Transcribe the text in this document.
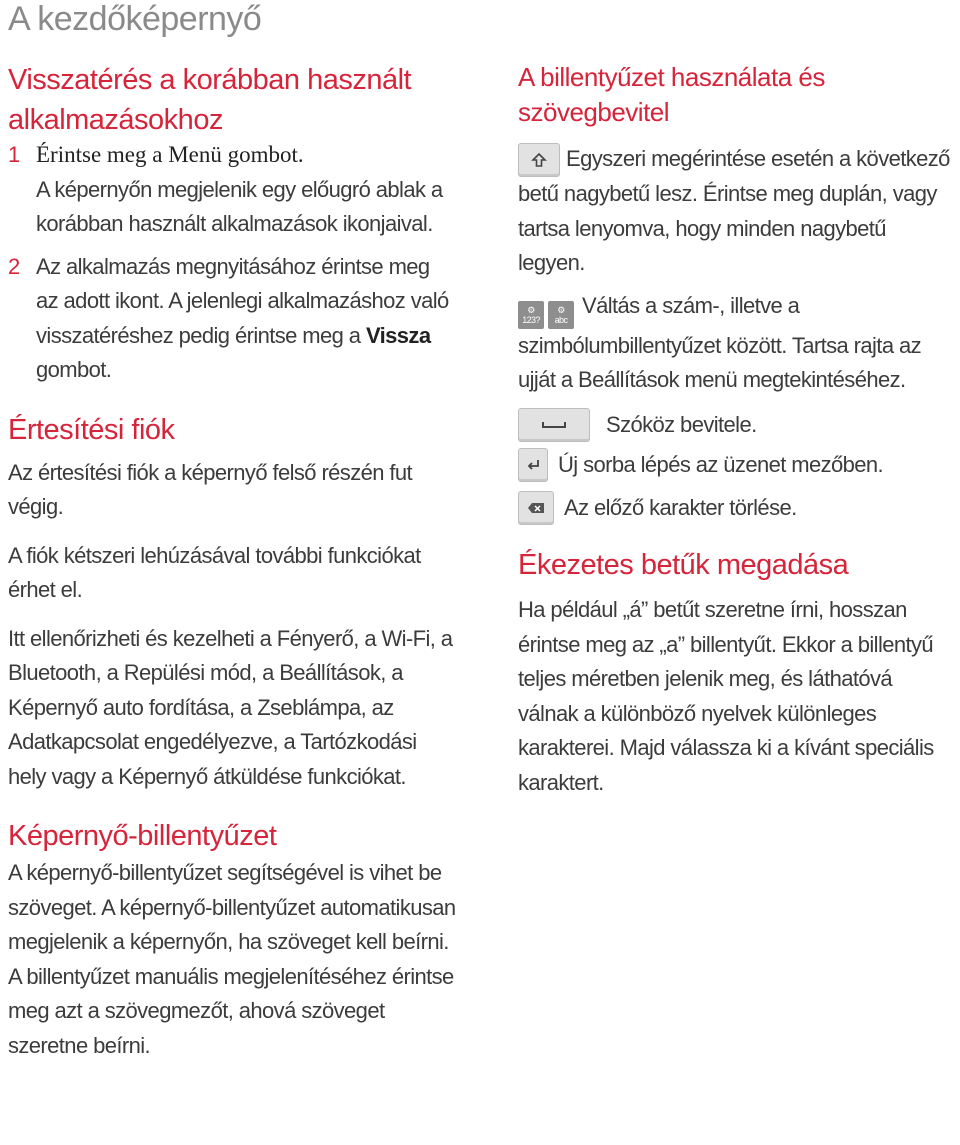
A kezdőképernyő
Visszatérés a korábban használt
alkalmazásokhoz
1 Érintse meg a Menü gombot.

A képernyőn megjelenik egy előugró ablak a korábban használt alkalmazások ikonjaival.

2 Az alkalmazás megnyitásához érintse meg az adott ikont. A jelenlegi alkalmazáshoz való visszatéréshez pedig érintse meg a Vissza gombot.

Értesítési fiók

Az értesítési fiók a képernyő felső részén fut végig.

A fiók kétszeri lehúzásával további funkciókat érhet el.

Itt ellenőrizheti és kezelheti a Fényerő, a Wi-Fi, a Bluetooth, a Repülési mód, a Beállítások, a Képernyő auto fordítása, a Zseblámpa, az Adatkapcsolat engedélyezve, a Tartózkodási hely vagy a Képernyő átküldése funkciókat.

Képernyő-billentyűzet

A képernyő-billentyűzet segítségével is vihet be szöveget. A képernyő-billentyűzet automatikusan megjelenik a képernyőn, ha szöveget kell beírni. A billentyűzet manuális megjelenítéséhez érintse meg azt a szövegmezőt, ahová szöveget szeretne beírni.

A billentyűzet használata és
szövegbevitel

Egyszeri megérintése esetén a következő betű nagybetű lesz. Érintse meg duplán, vagy tartsa lenyomva, hogy minden nagybetű legyen.

⚙
123?
⚙
abc
Váltás a szám-, illetve a szimbólumbillentyűzet között. Tartsa rajta az ujját a Beállítások menü megtekintéséhez.

Szóköz bevitele.
Új sorba lépés az üzenet mezőben.
Az előző karakter törlése.
Ékezetes betűk megadása

Ha például „á” betűt szeretne írni, hosszan érintse meg az „a” billentyűt. Ekkor a billentyű teljes méretben jelenik meg, és láthatóvá válnak a különböző nyelvek különleges karakterei. Majd válassza ki a kívánt speciális karaktert.
